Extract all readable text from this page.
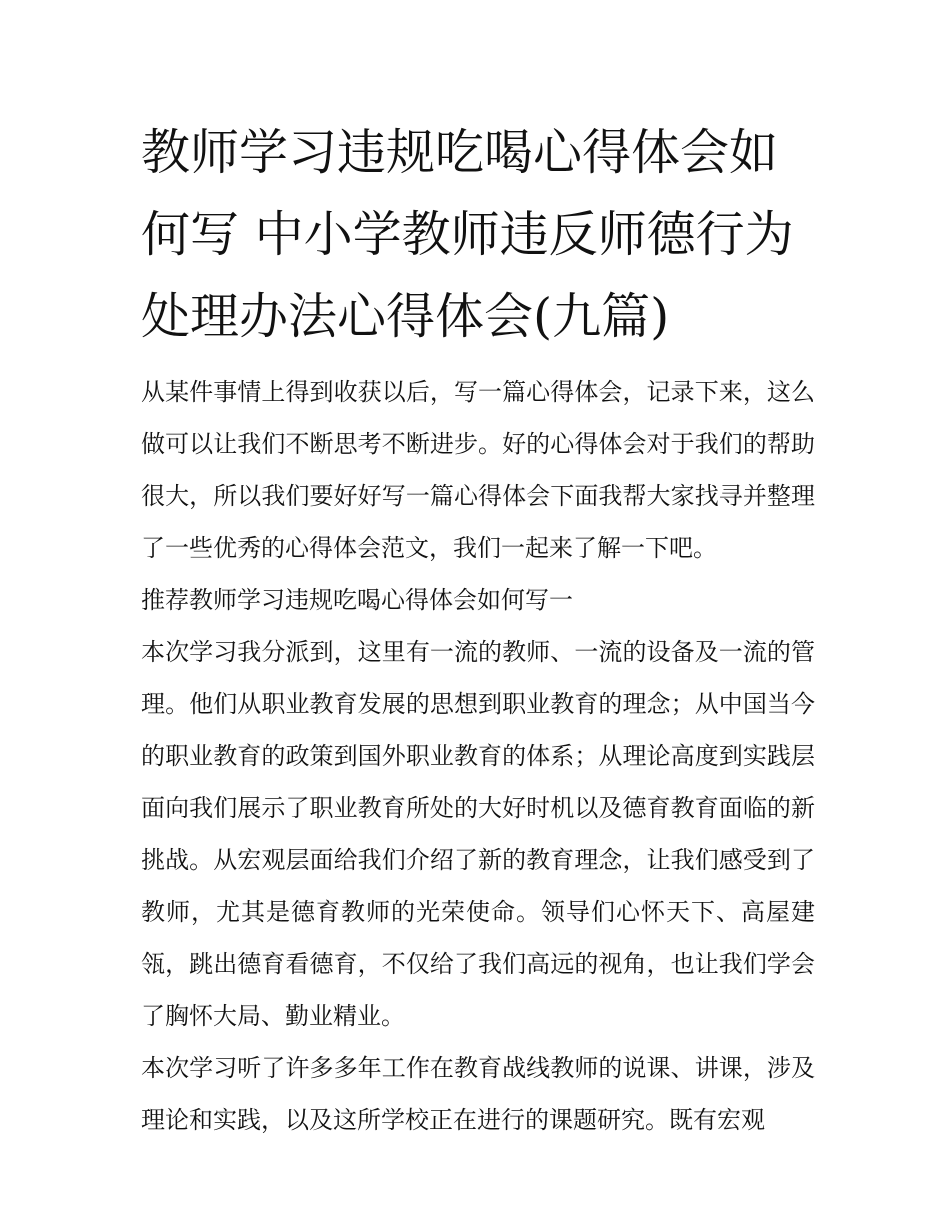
教师学习违规吃喝心得体会如何写 中小学教师违反师德行为处理办法心得体会(九篇)

从某件事情上得到收获以后，写一篇心得体会，记录下来，这么做可以让我们不断思考不断进步。好的心得体会对于我们的帮助很大，所以我们要好好写一篇心得体会下面我帮大家找寻并整理了一些优秀的心得体会范文，我们一起来了解一下吧。

推荐教师学习违规吃喝心得体会如何写一

本次学习我分派到，这里有一流的教师、一流的设备及一流的管理。他们从职业教育发展的思想到职业教育的理念；从中国当今的职业教育的政策到国外职业教育的体系；从理论高度到实践层面向我们展示了职业教育所处的大好时机以及德育教育面临的新挑战。从宏观层面给我们介绍了新的教育理念，让我们感受到了教师，尤其是德育教师的光荣使命。领导们心怀天下、高屋建瓴，跳出德育看德育，不仅给了我们高远的视角，也让我们学会了胸怀大局、勤业精业。

本次学习听了许多多年工作在教育战线教师的说课、讲课，涉及理论和实践，以及这所学校正在进行的课题研究。既有宏观
